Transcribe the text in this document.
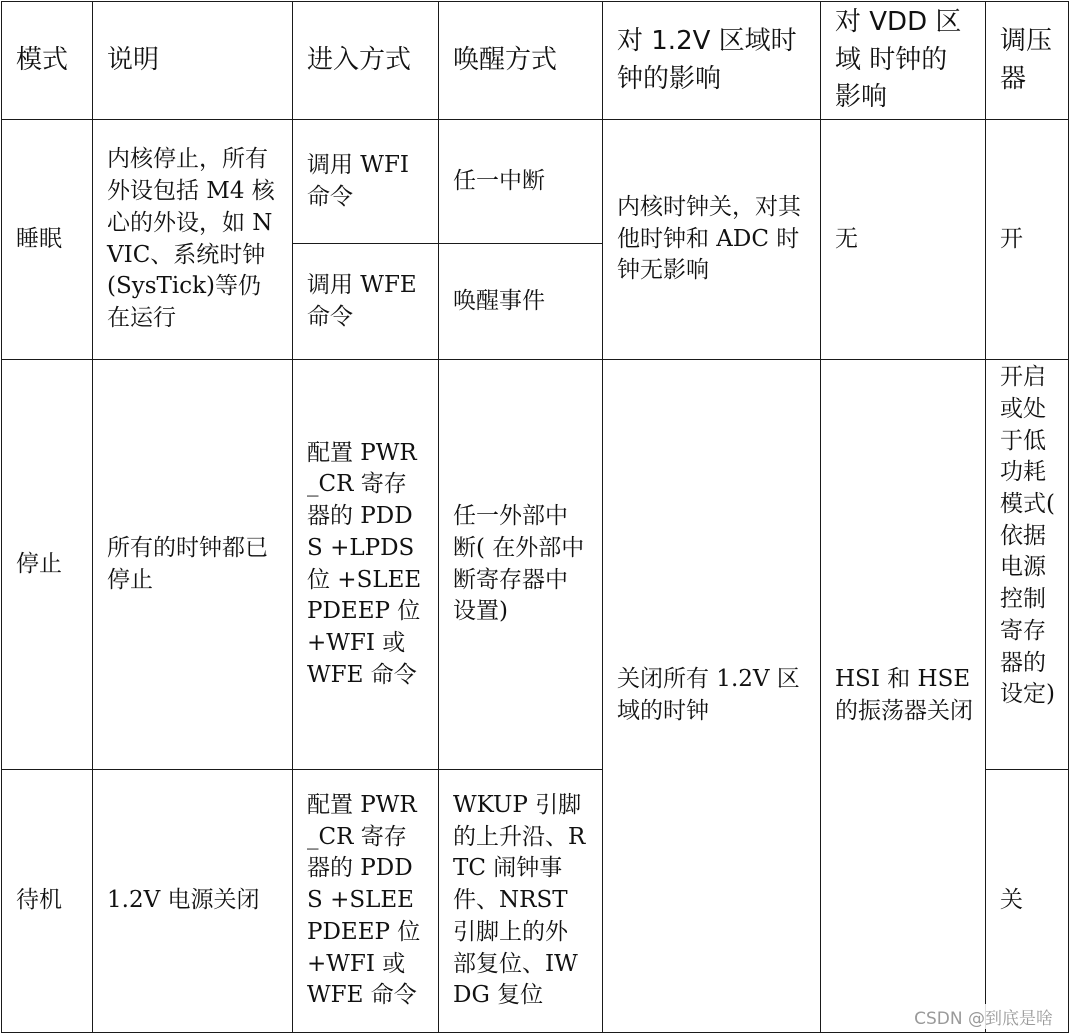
模式	说明	进入方式	唤醒方式	对 1.2V 区域时钟的影响	对 VDD 区域 时钟的影响	调压器
睡眠	内核停止，所有外设包括 M4 核心的外设，如 NVIC、系统时钟(SysTick)等仍在运行	调用 WFI 命令	任一中断	内核时钟关，对其他时钟和 ADC 时钟无影响	无	开
		调用 WFE 命令	唤醒事件			
停止	所有的时钟都已停止	配置 PWR_CR 寄存器的 PDDS +LPDS 位 +SLEEPDEEP 位 +WFI 或 WFE 命令	任一外部中断( 在外部中断寄存器中设置)	关闭所有 1.2V 区域的时钟	HSI 和 HSE 的振荡器关闭	开启或处于低功耗模式( 依据电源控制寄存器的设定)
待机	1.2V 电源关闭	配置 PWR_CR 寄存器的 PDDS +SLEEPDEEP 位 +WFI 或 WFE 命令	WKUP 引脚的上升沿、RTC 闹钟事件、NRST 引脚上的外部复位、IWDG 复位			关
CSDN @到底是啥
